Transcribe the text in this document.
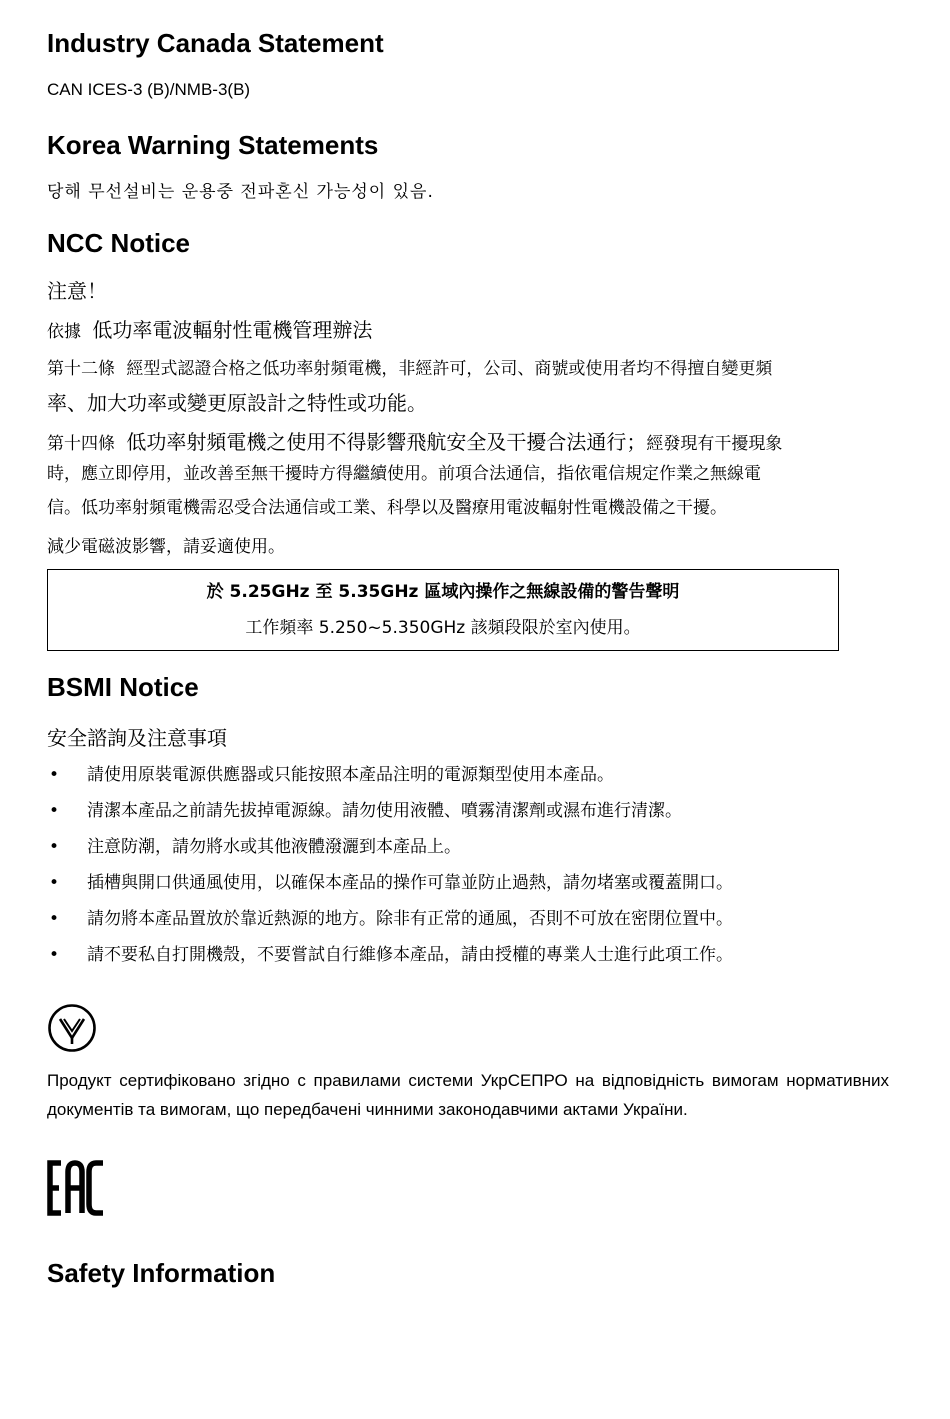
Industry Canada Statement

CAN ICES-3 (B)/NMB-3(B)

Korea Warning Statements

당해 무선설비는 운용중 전파혼신 가능성이 있음.

NCC Notice

注意！

依據 低功率電波輻射性電機管理辦法

第十二條 經型式認證合格之低功率射頻電機，非經許可，公司、商號或使用者均不得擅自變更頻

率、加大功率或變更原設計之特性或功能。

第十四條 低功率射頻電機之使用不得影響飛航安全及干擾合法通行；經發現有干擾現象

時，應立即停用，並改善至無干擾時方得繼續使用。前項合法通信，指依電信規定作業之無線電

信。低功率射頻電機需忍受合法通信或工業、科學以及醫療用電波輻射性電機設備之干擾。

減少電磁波影響，請妥適使用。

於 5.25GHz 至 5.35GHz 區域內操作之無線設備的警告聲明
工作頻率 5.250~5.350GHz 該頻段限於室內使用。
BSMI Notice

安全諮詢及注意事項

• 請使用原裝電源供應器或只能按照本產品注明的電源類型使用本產品。
• 清潔本產品之前請先拔掉電源線。請勿使用液體、噴霧清潔劑或濕布進行清潔。
• 注意防潮，請勿將水或其他液體潑灑到本產品上。
• 插槽與開口供通風使用，以確保本產品的操作可靠並防止過熱，請勿堵塞或覆蓋開口。
• 請勿將本產品置放於靠近熱源的地方。除非有正常的通風，否則不可放在密閉位置中。
• 請不要私自打開機殼，不要嘗試自行維修本產品，請由授權的專業人士進行此項工作。

Продукт сертифіковано згідно с правилами системи УкрСЕПРО на відповідність вимогам нормативних документів та вимогам, що передбачені чинними законодавчими актами України.

Safety Information
